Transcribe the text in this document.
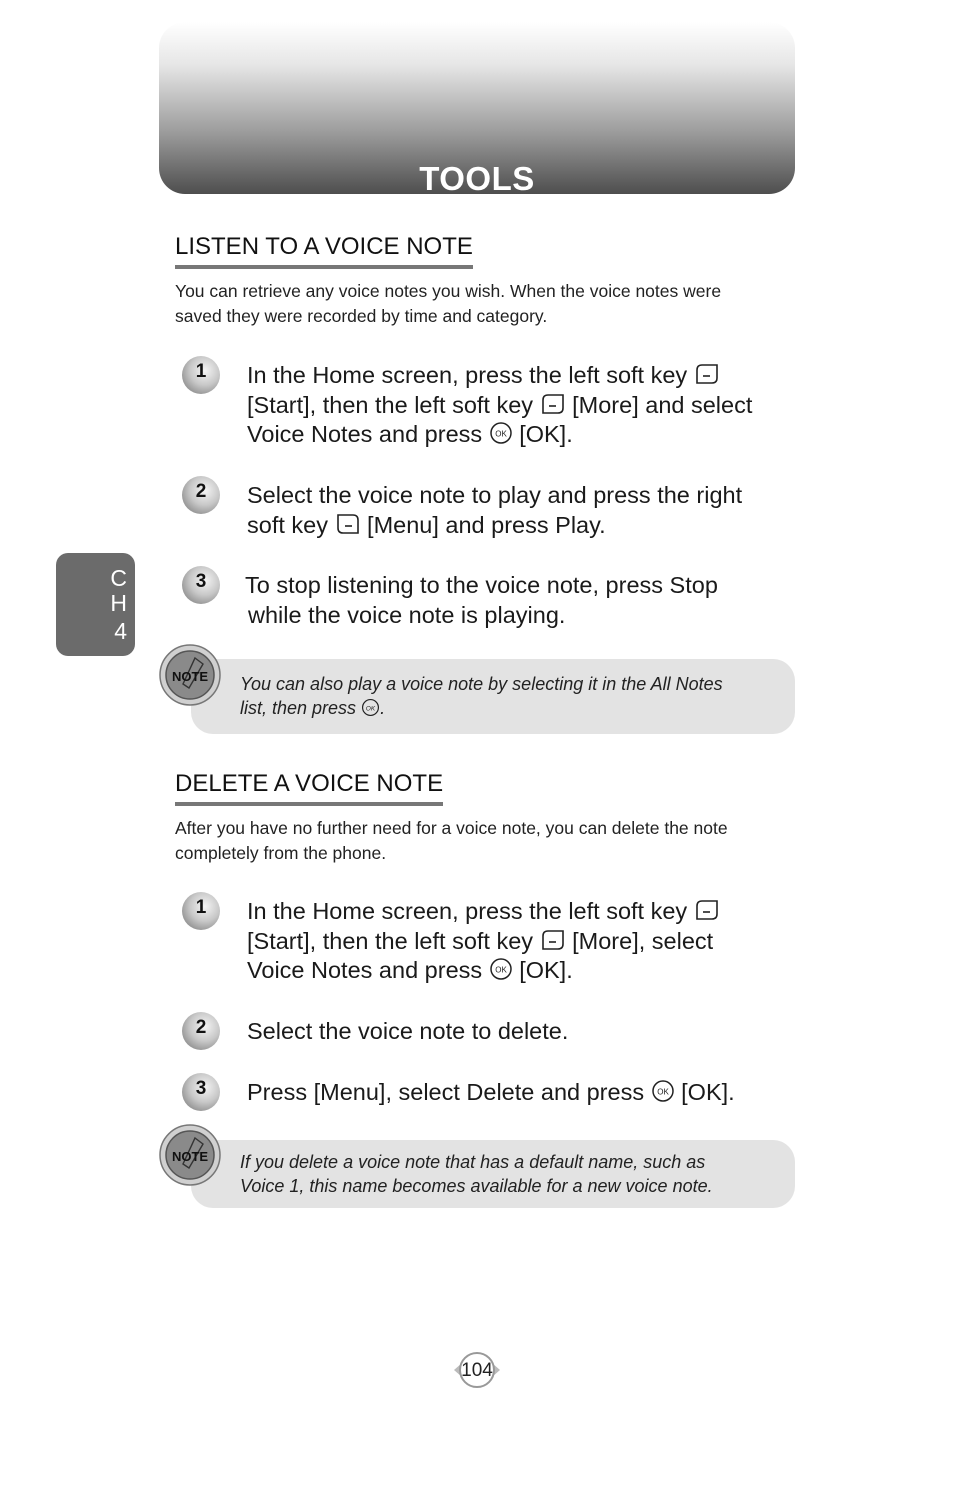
TOOLS
C
H
4
LISTEN TO A VOICE NOTE
You can retrieve any voice notes you wish. When the voice notes were
saved they were recorded by time and category.
1	In the Home screen, press the left soft key
[Start], then the left soft key [More] and select
Voice Notes and press OK [OK].
2	Select the voice note to play and press the right
soft key [Menu] and press Play.
3	To stop listening to the voice note, press Stop
while the voice note is playing.
NOTE You can also play a voice note by selecting it in the All Notes
list, then press OK .
DELETE A VOICE NOTE
After you have no further need for a voice note, you can delete the note
completely from the phone.
1	In the Home screen, press the left soft key
[Start], then the left soft key [More], select
Voice Notes and press OK [OK].
2	Select the voice note to delete.
3	Press [Menu], select Delete and press OK [OK].
NOTE If you delete a voice note that has a default name, such as
Voice 1, this name becomes available for a new voice note.
104
